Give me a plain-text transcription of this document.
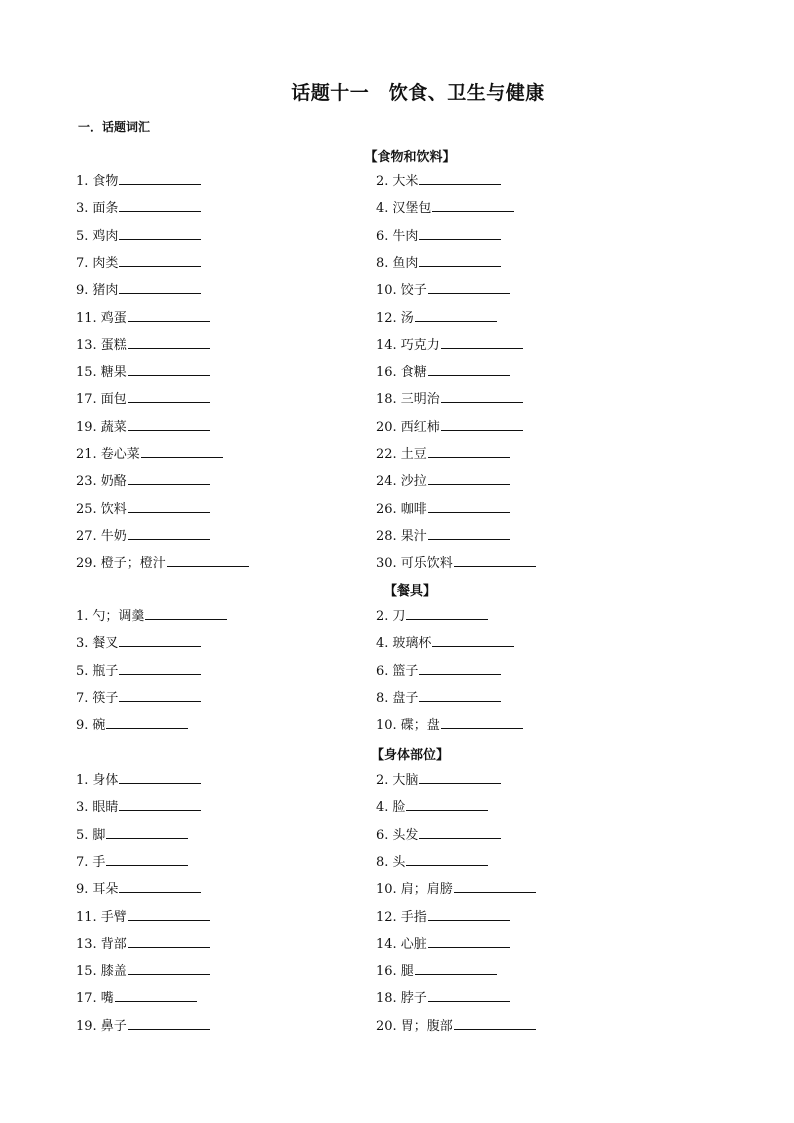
话题十一　饮食、卫生与健康
一．话题词汇
【食物和饮料】
1. 食物
3. 面条
5. 鸡肉
7. 肉类
9. 猪肉
11. 鸡蛋
13. 蛋糕
15. 糖果
17. 面包
19. 蔬菜
21. 卷心菜
23. 奶酪
25. 饮料
27. 牛奶
29. 橙子；橙汁
2. 大米
4. 汉堡包
6. 牛肉
8. 鱼肉
10. 饺子
12. 汤
14. 巧克力
16. 食糖
18. 三明治
20. 西红柿
22. 土豆
24. 沙拉
26. 咖啡
28. 果汁
30. 可乐饮料
【餐具】
1. 勺；调羹
3. 餐叉
5. 瓶子
7. 筷子
9. 碗
2. 刀
4. 玻璃杯
6. 篮子
8. 盘子
10. 碟；盘
【身体部位】
1. 身体
3. 眼睛
5. 脚
7. 手
9. 耳朵
11. 手臂
13. 背部
15. 膝盖
17. 嘴
19. 鼻子
2. 大脑
4. 脸
6. 头发
8. 头
10. 肩；肩膀
12. 手指
14. 心脏
16. 腿
18. 脖子
20. 胃；腹部
